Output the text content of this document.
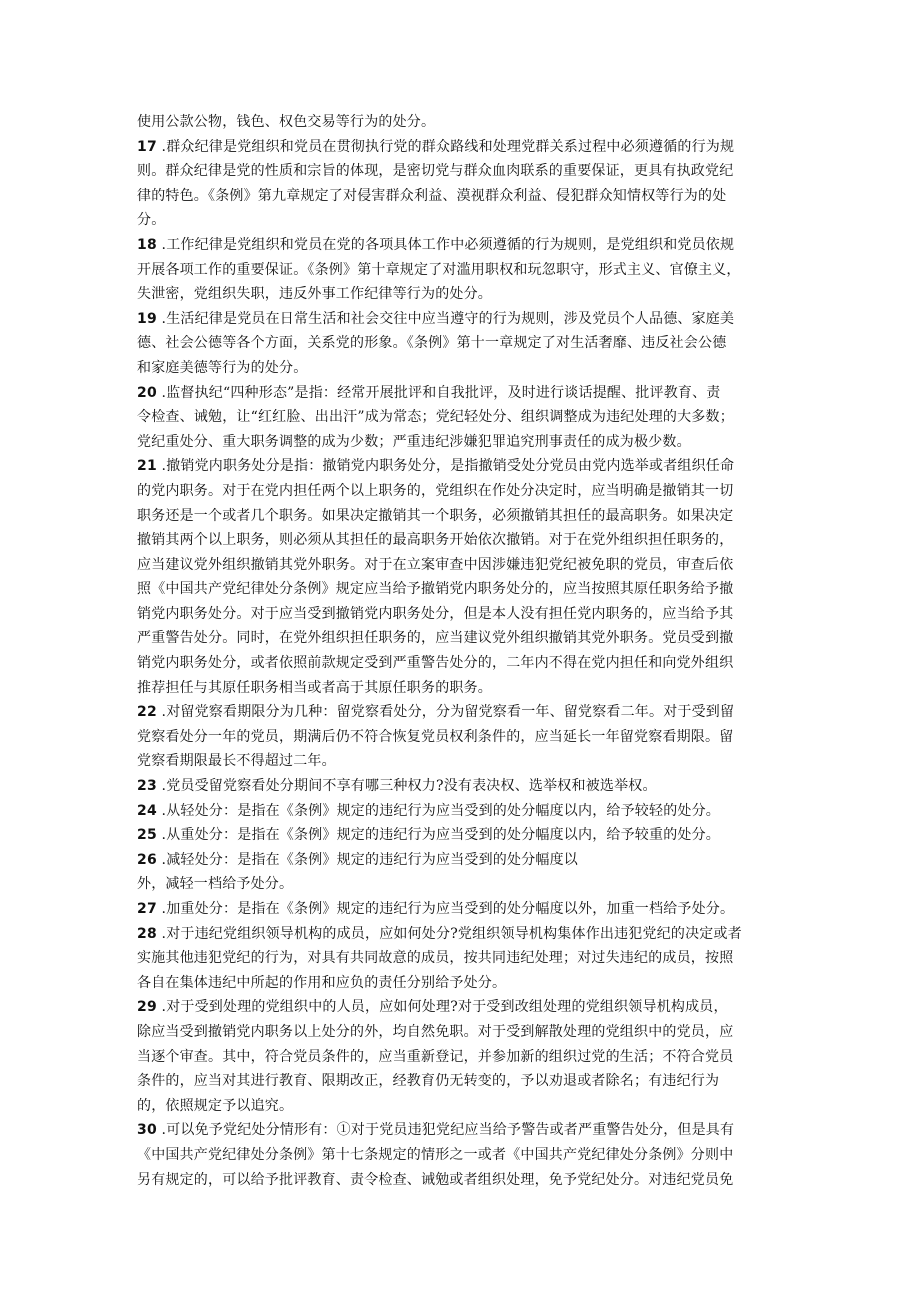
使用公款公物，钱色、权色交易等行为的处分。
17 .群众纪律是党组织和党员在贯彻执行党的群众路线和处理党群关系过程中必须遵循的行为规
则。群众纪律是党的性质和宗旨的体现，是密切党与群众血肉联系的重要保证，更具有执政党纪
律的特色。《条例》第九章规定了对侵害群众利益、漠视群众利益、侵犯群众知情权等行为的处
分。
18 .工作纪律是党组织和党员在党的各项具体工作中必须遵循的行为规则，是党组织和党员依规
开展各项工作的重要保证。《条例》第十章规定了对滥用职权和玩忽职守，形式主义、官僚主义，
失泄密，党组织失职，违反外事工作纪律等行为的处分。
19 .生活纪律是党员在日常生活和社会交往中应当遵守的行为规则，涉及党员个人品德、家庭美
德、社会公德等各个方面，关系党的形象。《条例》第十一章规定了对生活奢靡、违反社会公德
和家庭美德等行为的处分。
20 .监督执纪“四种形态”是指：经常开展批评和自我批评，及时进行谈话提醒、批评教育、责
令检查、诫勉，让“红红脸、出出汗”成为常态；党纪轻处分、组织调整成为违纪处理的大多数；
党纪重处分、重大职务调整的成为少数；严重违纪涉嫌犯罪追究刑事责任的成为极少数。
21 .撤销党内职务处分是指：撤销党内职务处分，是指撤销受处分党员由党内选举或者组织任命
的党内职务。对于在党内担任两个以上职务的，党组织在作处分决定时，应当明确是撤销其一切
职务还是一个或者几个职务。如果决定撤销其一个职务，必须撤销其担任的最高职务。如果决定
撤销其两个以上职务，则必须从其担任的最高职务开始依次撤销。对于在党外组织担任职务的，
应当建议党外组织撤销其党外职务。对于在立案审查中因涉嫌违犯党纪被免职的党员，审查后依
照《中国共产党纪律处分条例》规定应当给予撤销党内职务处分的，应当按照其原任职务给予撤
销党内职务处分。对于应当受到撤销党内职务处分，但是本人没有担任党内职务的，应当给予其
严重警告处分。同时，在党外组织担任职务的，应当建议党外组织撤销其党外职务。党员受到撤
销党内职务处分，或者依照前款规定受到严重警告处分的，二年内不得在党内担任和向党外组织
推荐担任与其原任职务相当或者高于其原任职务的职务。
22 .对留党察看期限分为几种：留党察看处分，分为留党察看一年、留党察看二年。对于受到留
党察看处分一年的党员，期满后仍不符合恢复党员权利条件的，应当延长一年留党察看期限。留
党察看期限最长不得超过二年。
23 .党员受留党察看处分期间不享有哪三种权力?没有表决权、选举权和被选举权。
24 .从轻处分：是指在《条例》规定的违纪行为应当受到的处分幅度以内，给予较轻的处分。
25 .从重处分：是指在《条例》规定的违纪行为应当受到的处分幅度以内，给予较重的处分。
26 .减轻处分：是指在《条例》规定的违纪行为应当受到的处分幅度以
外，减轻一档给予处分。
27 .加重处分：是指在《条例》规定的违纪行为应当受到的处分幅度以外，加重一档给予处分。
28 .对于违纪党组织领导机构的成员，应如何处分?党组织领导机构集体作出违犯党纪的决定或者
实施其他违犯党纪的行为，对具有共同故意的成员，按共同违纪处理；对过失违纪的成员，按照
各自在集体违纪中所起的作用和应负的责任分别给予处分。
29 .对于受到处理的党组织中的人员，应如何处理?对于受到改组处理的党组织领导机构成员，
除应当受到撤销党内职务以上处分的外，均自然免职。对于受到解散处理的党组织中的党员，应
当逐个审查。其中，符合党员条件的，应当重新登记，并参加新的组织过党的生活；不符合党员
条件的，应当对其进行教育、限期改正，经教育仍无转变的，予以劝退或者除名；有违纪行为
的，依照规定予以追究。
30 .可以免予党纪处分情形有：①对于党员违犯党纪应当给予警告或者严重警告处分，但是具有
《中国共产党纪律处分条例》第十七条规定的情形之一或者《中国共产党纪律处分条例》分则中
另有规定的，可以给予批评教育、责令检查、诫勉或者组织处理，免予党纪处分。对违纪党员免
